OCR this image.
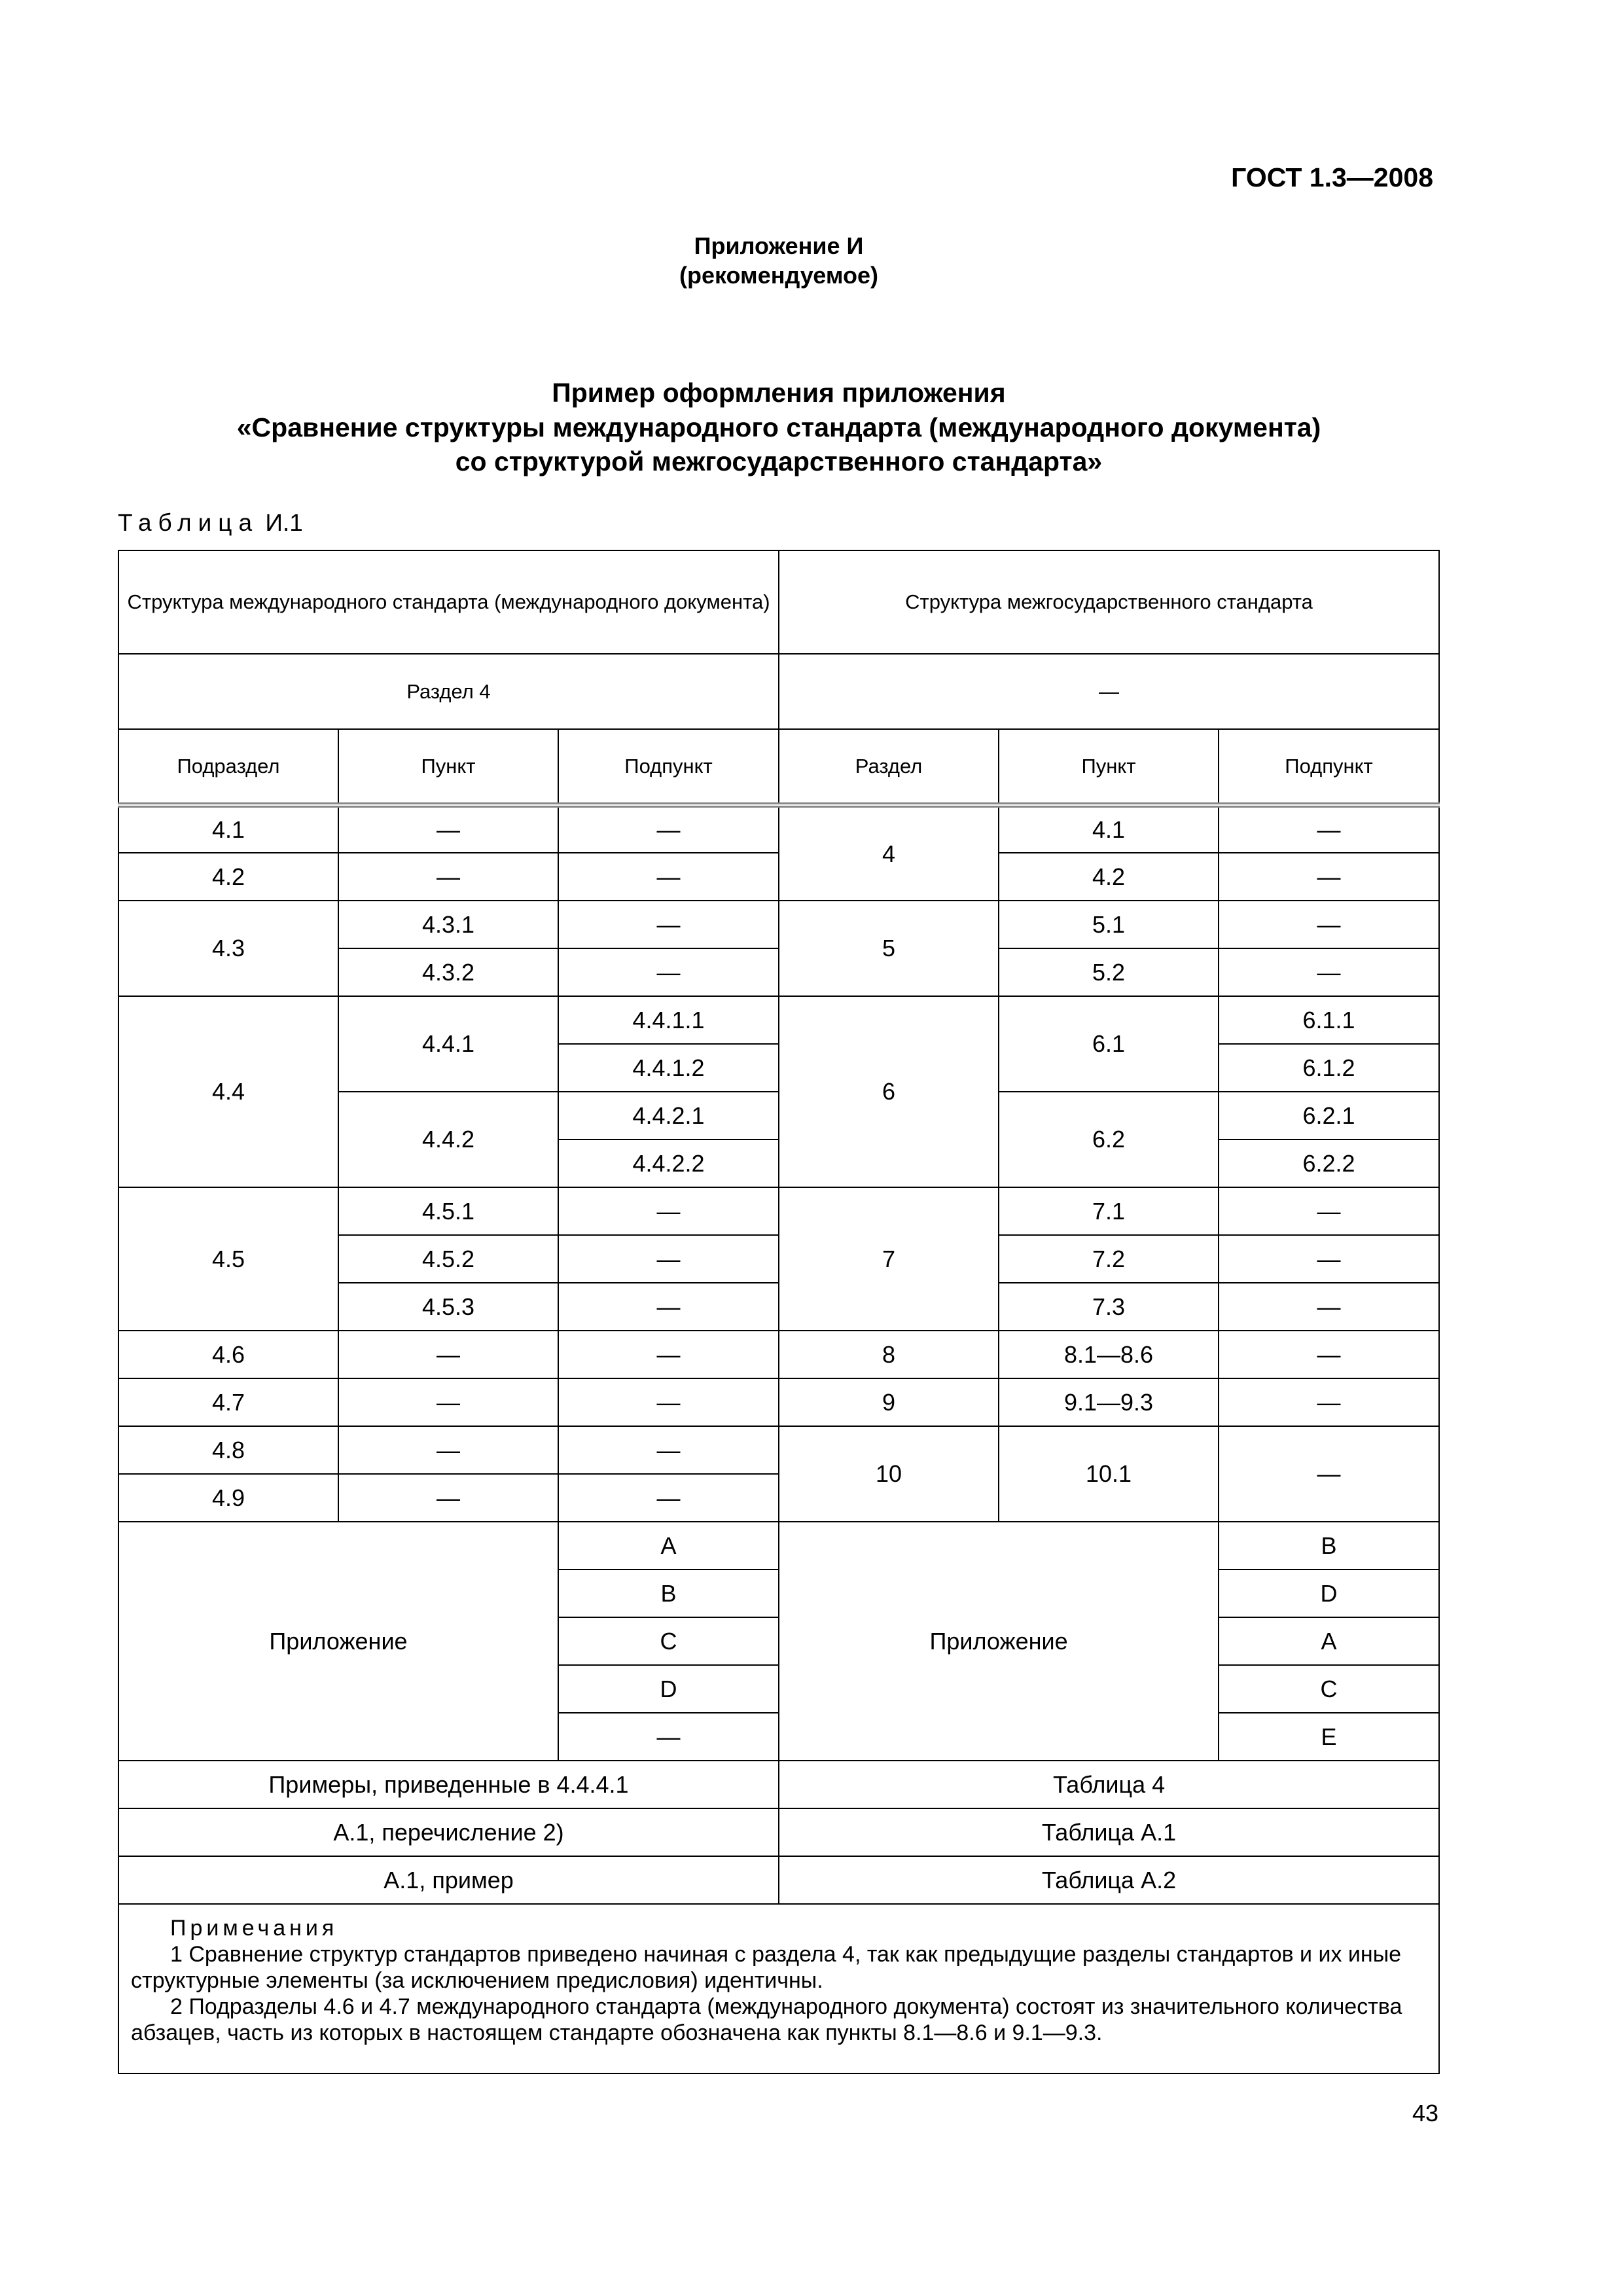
ГОСТ 1.3—2008
Приложение И
(рекомендуемое)
Пример оформления приложения
«Сравнение структуры международного стандарта (международного документа)
со структурой межгосударственного стандарта»
Таблица И.1
Структура международного стандарта (международного документа)			Структура межгосударственного стандарта		
Раздел 4			—		
Подраздел	Пункт	Подпункт	Раздел	Пункт	Подпункт
4.1	—	—	4	4.1	—
4.2	—	—		4.2	—
4.3	4.3.1	—	5	5.1	—
	4.3.2	—		5.2	—
4.4	4.4.1	4.4.1.1	6	6.1	6.1.1
		4.4.1.2			6.1.2
	4.4.2	4.4.2.1		6.2	6.2.1
		4.4.2.2			6.2.2
4.5	4.5.1	—	7	7.1	—
	4.5.2	—		7.2	—
	4.5.3	—		7.3	—
4.6	—	—	8	8.1—8.6	—
4.7	—	—	9	9.1—9.3	—
4.8	—	—	10	10.1	—
4.9	—	—			
Приложение		A	Приложение		B
		B			D
		C			A
		D			C
		—			E
Примеры, приведенные в 4.4.4.1			Таблица 4		
А.1, перечисление 2)			Таблица А.1		
А.1, пример			Таблица А.2		

Примечания
1 Сравнение структур стандартов приведено начиная с раздела 4, так как предыдущие разделы стандартов и их иные структурные элементы (за исключением предисловия) идентичны.
2 Подразделы 4.6 и 4.7 международного стандарта (международного документа) состоят из значительного количества абзацев, часть из которых в настоящем стандарте обозначена как пункты 8.1—8.6 и 9.1—9.3.					
43
